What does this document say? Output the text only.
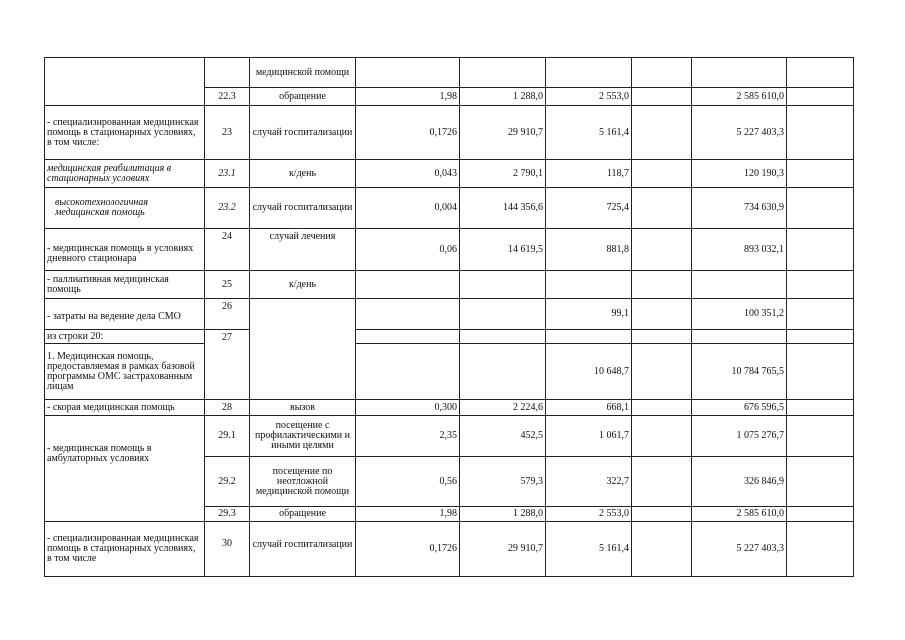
		медицинской помощи						
	22.3	обращение	1,98	1 288,0	2 553,0		2 585 610,0	
- специализированная медицинская помощь в стационарных условиях, в том числе:	23	случай госпитализации	0,1726	29 910,7	5 161,4		5 227 403,3	
медицинская реабилитация в стационарных условиях	23.1	к/день	0,043	2 790,1	118,7		120 190,3	
высокотехнологичная медицинская помощь	23.2	случай госпитализации	0,004	144 356,6	725,4		734 630,9	
- медицинская помощь в условиях дневного стационара	24	случай лечения	0,06	14 619,5	881,8		893 032,1	
- паллиативная медицинская помощь	25	к/день						
- затраты на ведение дела СМО	26				99,1		100 351,2	
из строки 20:	27							
1. Медицинская помощь, предоставляемая в рамках базовой программы ОМС застрахованным лицам					10 648,7		10 784 765,5	
- скорая медицинская помощь	28	вызов	0,300	2 224,6	668,1		676 596,5	
- медицинская помощь в амбулаторных условиях	29.1	посещение с профилактическими и иными целями	2,35	452,5	1 061,7		1 075 276,7	
	29.2	посещение по неотложной медицинской помощи	0,56	579,3	322,7		326 846,9	
	29.3	обращение	1,98	1 288,0	2 553,0		2 585 610,0	
- специализированная медицинская помощь в стационарных условиях, в том числе	30	случай госпитализации	0,1726	29 910,7	5 161,4		5 227 403,3	
